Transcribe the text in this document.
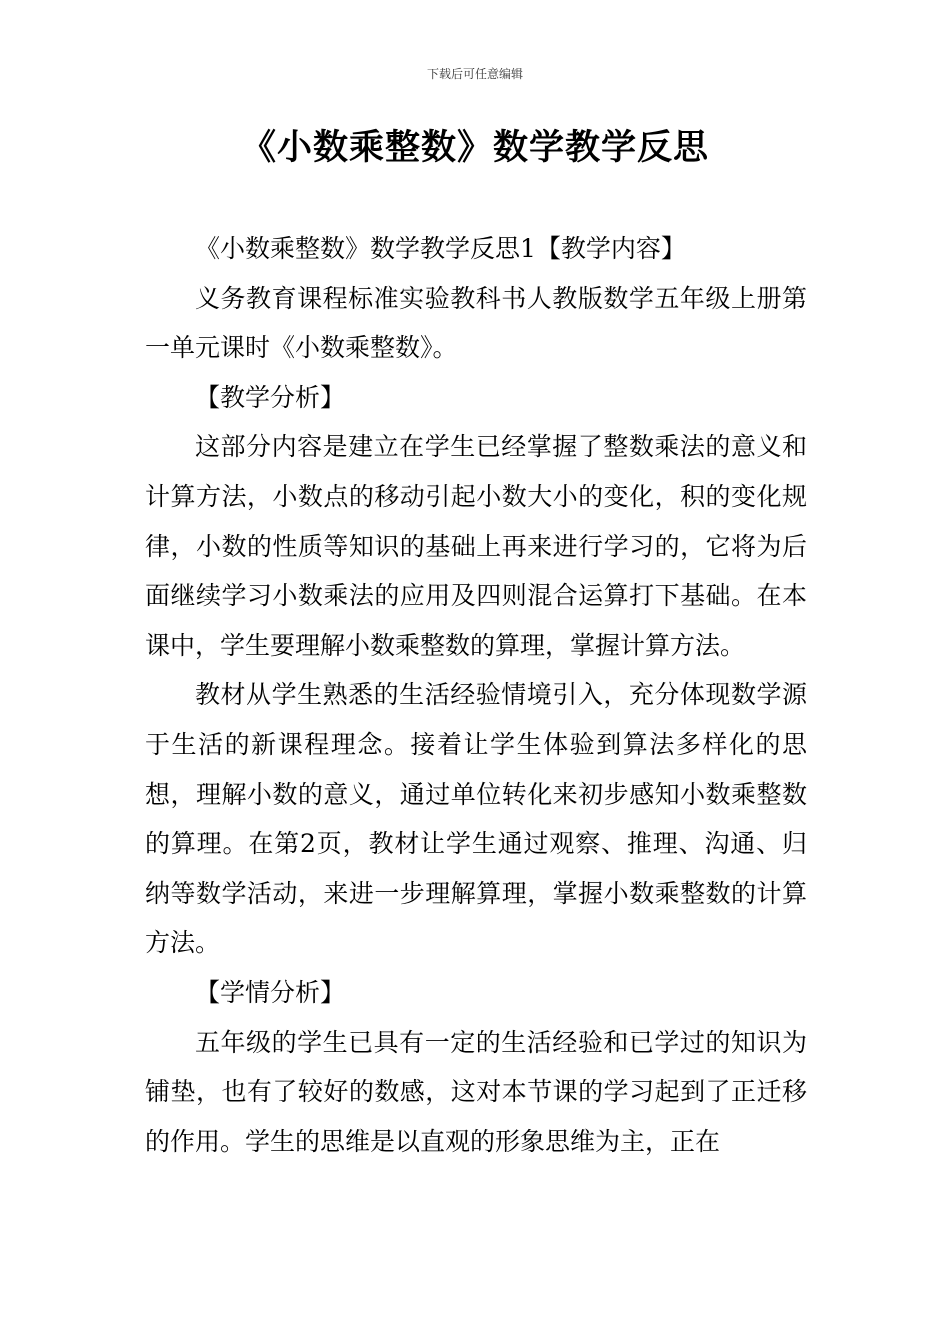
下载后可任意编辑
《小数乘整数》数学教学反思

《小数乘整数》数学教学反思1【教学内容】

义务教育课程标准实验教科书人教版数学五年级上册第一单元课时《小数乘整数》。

【教学分析】

这部分内容是建立在学生已经掌握了整数乘法的意义和计算方法，小数点的移动引起小数大小的变化，积的变化规律，小数的性质等知识的基础上再来进行学习的，它将为后面继续学习小数乘法的应用及四则混合运算打下基础。在本课中，学生要理解小数乘整数的算理，掌握计算方法。

教材从学生熟悉的生活经验情境引入，充分体现数学源于生活的新课程理念。接着让学生体验到算法多样化的思想，理解小数的意义，通过单位转化来初步感知小数乘整数的算理。在第2页，教材让学生通过观察、推理、沟通、归纳等数学活动，来进一步理解算理，掌握小数乘整数的计算方法。

【学情分析】

五年级的学生已具有一定的生活经验和已学过的知识为铺垫，也有了较好的数感，这对本节课的学习起到了正迁移的作用。学生的思维是以直观的形象思维为主，正在
